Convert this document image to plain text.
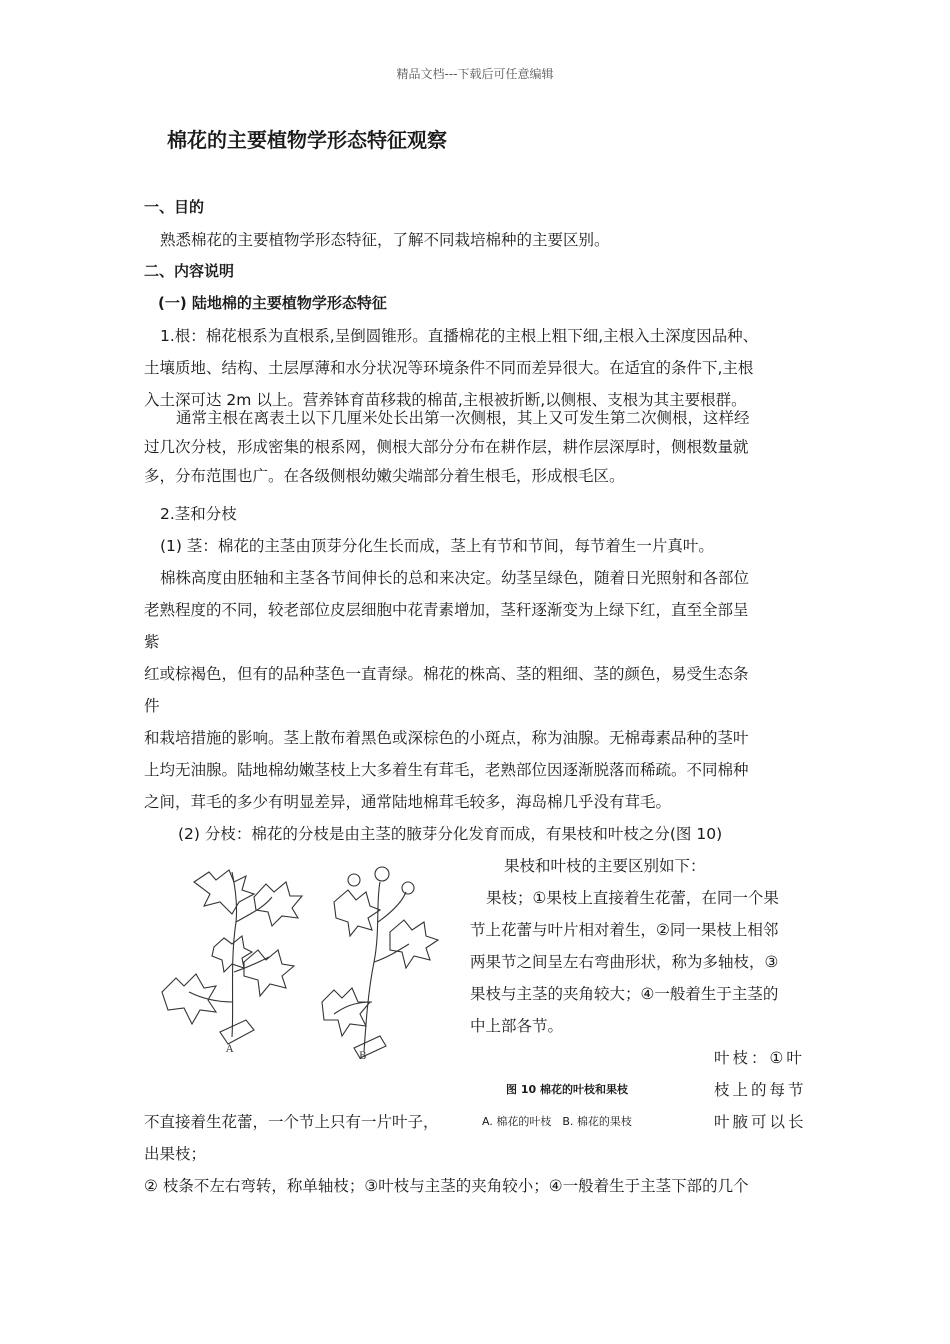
精品文档---下载后可任意编辑
棉花的主要植物学形态特征观察
一、目的
熟悉棉花的主要植物学形态特征，了解不同栽培棉种的主要区别。
二、内容说明
(一) 陆地棉的主要植物学形态特征
1.根：棉花根系为直根系,呈倒圆锥形。直播棉花的主根上粗下细,主根入土深度因品种、
土壤质地、结构、土层厚薄和水分状况等环境条件不同而差异很大。在适宜的条件下,主根
入土深可达 2m 以上。营养钵育苗移栽的棉苗,主根被折断,以侧根、支根为其主要根群。
通常主根在离表土以下几厘米处长出第一次侧根，其上又可发生第二次侧根，这样经
过几次分枝，形成密集的根系网，侧根大部分分布在耕作层，耕作层深厚时，侧根数量就
多，分布范围也广。在各级侧根幼嫩尖端部分着生根毛，形成根毛区。
2.茎和分枝
(1) 茎：棉花的主茎由顶芽分化生长而成，茎上有节和节间，每节着生一片真叶。
棉株高度由胚轴和主茎各节间伸长的总和来决定。幼茎呈绿色，随着日光照射和各部位
老熟程度的不同，较老部位皮层细胞中花青素增加，茎秆逐渐变为上绿下红，直至全部呈
紫
红或棕褐色，但有的品种茎色一直青绿。棉花的株高、茎的粗细、茎的颜色，易受生态条
件
和栽培措施的影响。茎上散布着黑色或深棕色的小斑点，称为油腺。无棉毒素品种的茎叶
上均无油腺。陆地棉幼嫩茎枝上大多着生有茸毛，老熟部位因逐渐脱落而稀疏。不同棉种
之间，茸毛的多少有明显差异，通常陆地棉茸毛较多，海岛棉几乎没有茸毛。
(2) 分枝：棉花的分枝是由主茎的腋芽分化发育而成，有果枝和叶枝之分(图 10)
A
B
果枝和叶枝的主要区别如下：
果枝；①果枝上直接着生花蕾，在同一个果
节上花蕾与叶片相对着生，②同一果枝上相邻
两果节之间呈左右弯曲形状，称为多轴枝，③
果枝与主茎的夹角较大；④一般着生于主茎的
中上部各节。
叶枝：①叶
枝上的每节
叶腋可以长
图 10 棉花的叶枝和果枝
A. 棉花的叶枝　B. 棉花的果枝
不直接着生花蕾，一个节上只有一片叶子，
出果枝；
② 枝条不左右弯转，称单轴枝；③叶枝与主茎的夹角较小；④一般着生于主茎下部的几个
